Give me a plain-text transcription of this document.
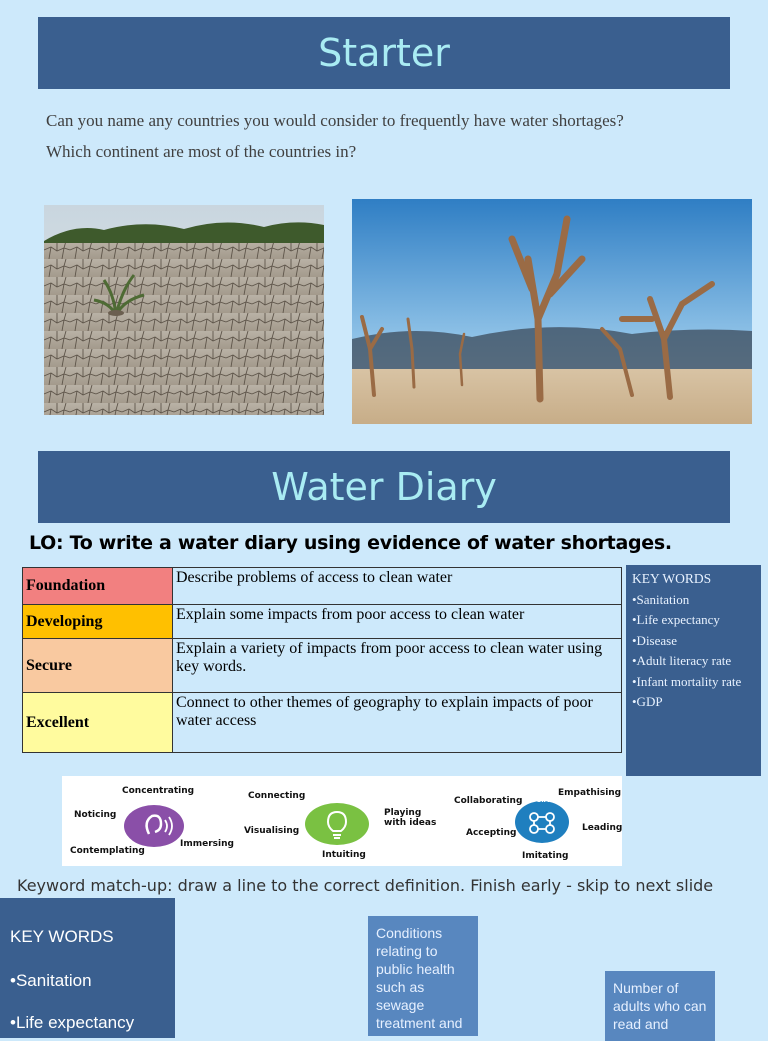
Starter
Can you name any countries you would consider to frequently have water shortages?
Which continent are most of the countries in?
Water Diary
LO: To write a water diary using evidence of water shortages.
Foundation	Describe problems of access to clean water
Developing	Explain some impacts from poor access to clean water
Secure	Explain a variety of impacts from poor access to clean water using key words.
Excellent	Connect to other themes of geography to explain impacts of poor water access
KEY WORDS
•Sanitation
•Life expectancy
•Disease
•Adult literacy rate
•Infant mortality rate
•GDP
ATTENTIVE
Concentrating
Noticing
Immersing
Contemplating
IMAGINATIVE
Connecting
Visualising
Playing with ideas
Intuiting
SOCIAL
Collaborating
Empathising
Accepting	Leading
Imitating
Keyword match-up: draw a line to the correct definition. Finish early - skip to next slide
KEY WORDS
•Sanitation
•Life expectancy
Conditions relating to public health such as sewage treatment and
Number of adults who can read and
